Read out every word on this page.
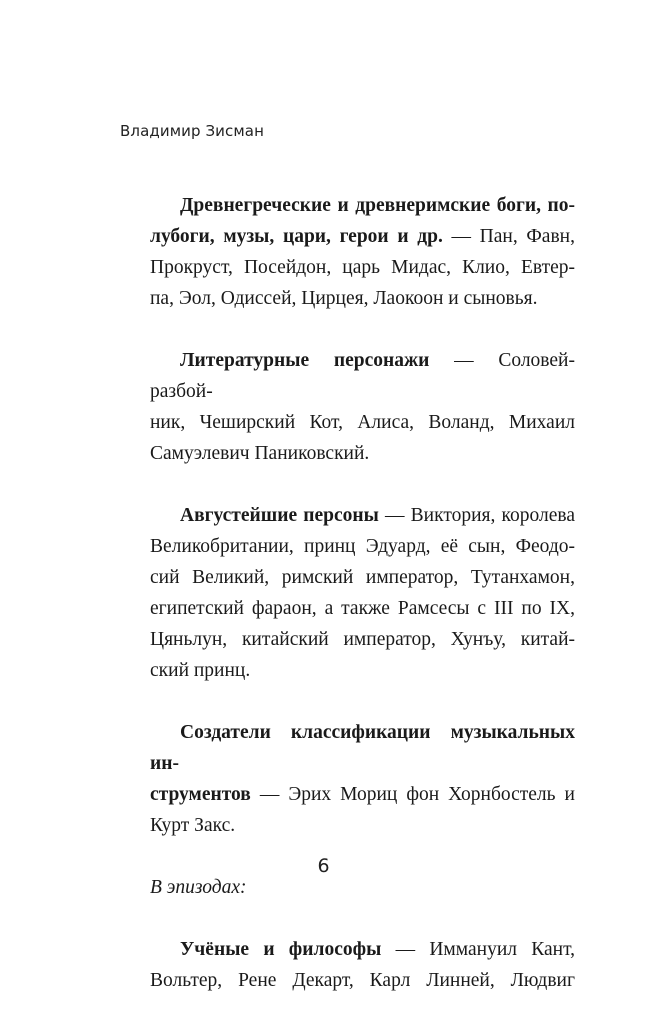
Владимир Зисман
Древнегреческие и древнеримские боги, по-
лубоги, музы, цари, герои и др. — Пан, Фавн,
Прокруст, Посейдон, царь Мидас, Клио, Евтер-
па, Эол, Одиссей, Цирцея, Лаокоон и сыновья.
Литературные персонажи — Соловей-разбой-
ник, Чеширский Кот, Алиса, Воланд, Михаил
Самуэлевич Паниковский.
Августейшие персоны — Виктория, королева
Великобритании, принц Эдуард, её сын, Феодо-
сий Великий, римский император, Тутанхамон,
египетский фараон, а также Рамсесы с III по IX,
Цяньлун, китайский император, Хунъу, китай-
ский принц.
Создатели классификации музыкальных ин-
струментов — Эрих Мориц фон Хорнбостель и
Курт Закс.
В эпизодах:
Учёные и философы — Иммануил Кант,
Вольтер, Рене Декарт, Карл Линней, Людвиг
6
